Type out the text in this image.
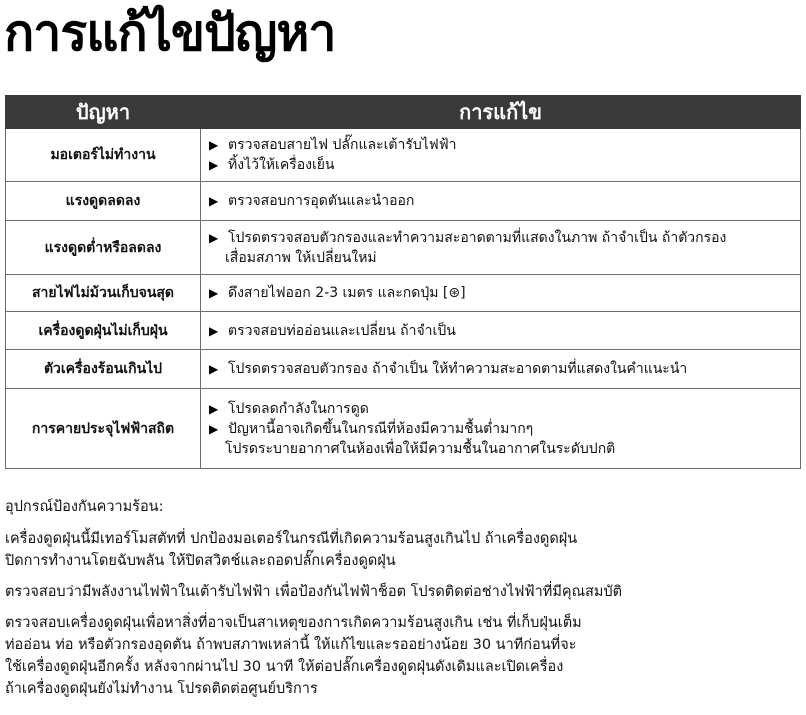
การแก้ไขปัญหา
ปัญหา	การแก้ไข
มอเตอร์ไม่ทำงาน	▶ ตรวจสอบสายไฟ ปลั๊กและเต้ารับไฟฟ้า
▶ ทิ้งไว้ให้เครื่องเย็น

แรงดูดลดลง	▶ ตรวจสอบการอุดตันและนำออก

แรงดูดต่ำหรือลดลง	▶ โปรดตรวจสอบตัวกรองและทำความสะอาดตามที่แสดงในภาพ ถ้าจำเป็น ถ้าตัวกรอง
เสื่อมสภาพ ให้เปลี่ยนใหม่

สายไฟไม่ม้วนเก็บจนสุด	▶ ดึงสายไฟออก 2-3 เมตร และกดปุ่ม [⊛]

เครื่องดูดฝุ่นไม่เก็บฝุ่น	▶ ตรวจสอบท่ออ่อนและเปลี่ยน ถ้าจำเป็น

ตัวเครื่องร้อนเกินไป	▶ โปรดตรวจสอบตัวกรอง ถ้าจำเป็น ให้ทำความสะอาดตามที่แสดงในคำแนะนำ

การคายประจุไฟฟ้าสถิต	▶ โปรดลดกำลังในการดูด
▶ ปัญหานี้อาจเกิดขึ้นในกรณีที่ห้องมีความชื้นต่ำมากๆ
โปรดระบายอากาศในห้องเพื่อให้มีความชื้นในอากาศในระดับปกติ

อุปกรณ์ป้องกันความร้อน:

เครื่องดูดฝุ่นนี้มีเทอร์โมสตัทที่ ปกป้องมอเตอร์ในกรณีที่เกิดความร้อนสูงเกินไป ถ้าเครื่องดูดฝุ่น
ปิดการทำงานโดยฉับพลัน ให้ปิดสวิตช์และถอดปลั๊กเครื่องดูดฝุ่น

ตรวจสอบว่ามีพลังงานไฟฟ้าในเต้ารับไฟฟ้า เพื่อป้องกันไฟฟ้าช็อต โปรดติดต่อช่างไฟฟ้าที่มีคุณสมบัติ

ตรวจสอบเครื่องดูดฝุ่นเพื่อหาสิ่งที่อาจเป็นสาเหตุของการเกิดความร้อนสูงเกิน เช่น ที่เก็บฝุ่นเต็ม
ท่ออ่อน ท่อ หรือตัวกรองอุดตัน ถ้าพบสภาพเหล่านี้ ให้แก้ไขและรออย่างน้อย 30 นาทีก่อนที่จะ
ใช้เครื่องดูดฝุ่นอีกครั้ง หลังจากผ่านไป 30 นาที ให้ต่อปลั๊กเครื่องดูดฝุ่นดังเดิมและเปิดเครื่อง
ถ้าเครื่องดูดฝุ่นยังไม่ทำงาน โปรดติดต่อศูนย์บริการ
